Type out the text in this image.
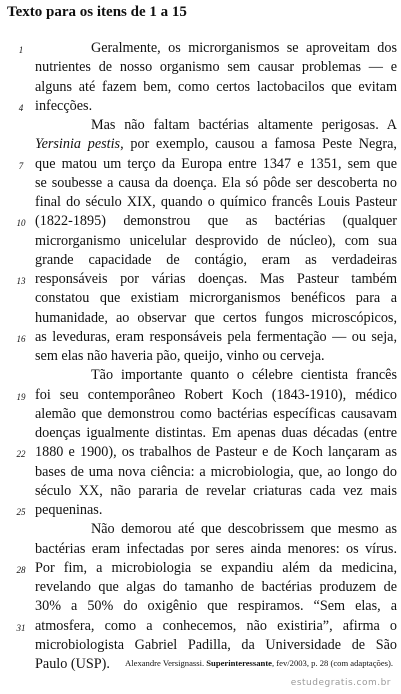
Texto para os itens de 1 a 15
1	Geralmente, os microrganismos se aproveitam dos
nutrientes de nosso organismo sem causar problemas — e
alguns até fazem bem, como certos lactobacilos que evitam
4 infecções.
Mas não faltam bactérias altamente perigosas. A
Yersinia pestis, por exemplo, causou a famosa Peste Negra,
7 que matou um terço da Europa entre 1347 e 1351, sem que
se soubesse a causa da doença. Ela só pôde ser descoberta no
final do século XIX, quando o químico francês Louis Pasteur
10 (1822-1895) demonstrou que as bactérias (qualquer
microrganismo unicelular desprovido de núcleo), com sua
grande capacidade de contágio, eram as verdadeiras
13 responsáveis por várias doenças. Mas Pasteur também
constatou que existiam microrganismos benéficos para a
humanidade, ao observar que certos fungos microscópicos,
16 as leveduras, eram responsáveis pela fermentação — ou seja,
sem elas não haveria pão, queijo, vinho ou cerveja.
Tão importante quanto o célebre cientista francês
19 foi seu contemporâneo Robert Koch (1843-1910), médico
alemão que demonstrou como bactérias específicas causavam
doenças igualmente distintas. Em apenas duas décadas (entre
22 1880 e 1900), os trabalhos de Pasteur e de Koch lançaram as
bases de uma nova ciência: a microbiologia, que, ao longo do
século XX, não pararia de revelar criaturas cada vez mais
25 pequeninas.
Não demorou até que descobrissem que mesmo as
bactérias eram infectadas por seres ainda menores: os vírus.
28 Por fim, a microbiologia se expandiu além da medicina,
revelando que algas do tamanho de bactérias produzem de
30% a 50% do oxigênio que respiramos. “Sem elas, a
31 atmosfera, como a conhecemos, não existiria”, afirma o
microbiologista Gabriel Padilla, da Universidade de São
Paulo (USP).	Alexandre Versignassi. Superinteressante, fev/2003, p. 28 (com adaptações).
estudegratis.com.br
